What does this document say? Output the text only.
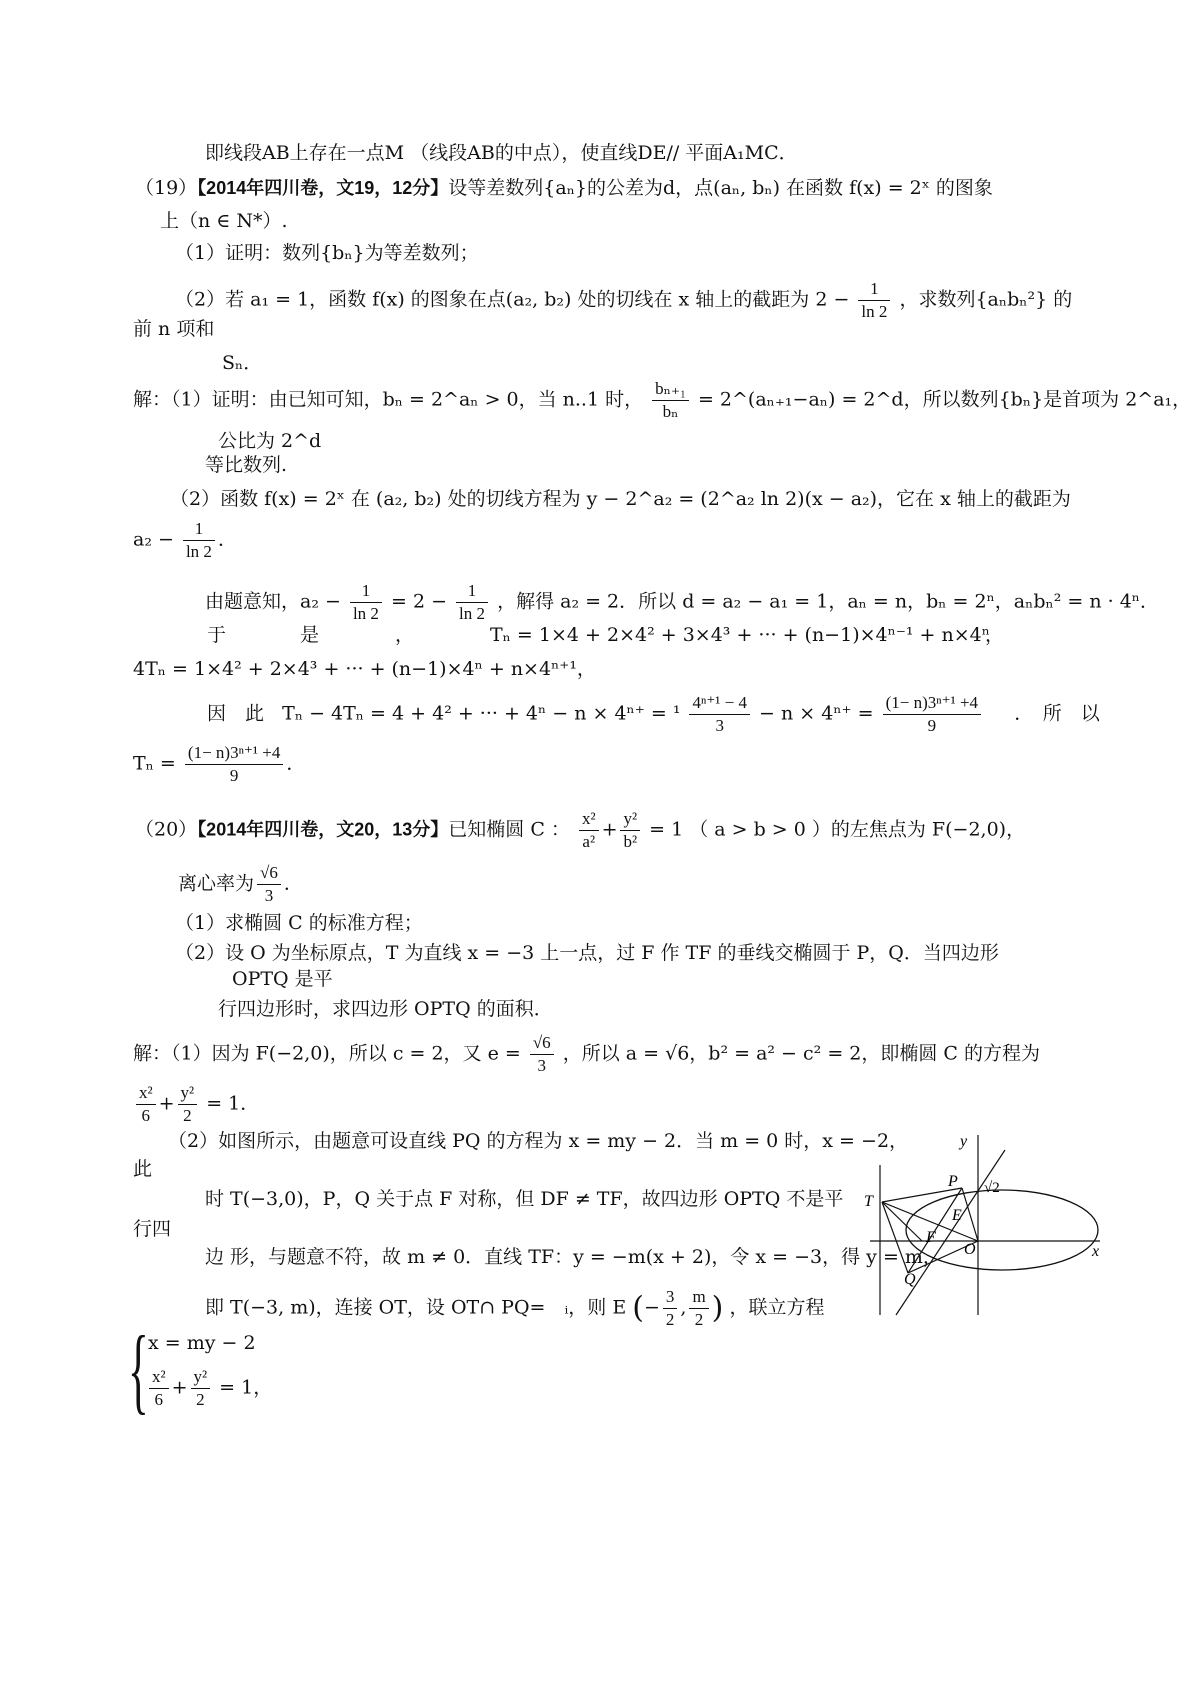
即线段AB上存在一点M （线段AB的中点），使直线DE// 平面A₁MC．
（19）【2014年四川卷，文19，12分】设等差数列{aₙ}的公差为d，点(aₙ, bₙ) 在函数 f(x) = 2ˣ 的图象
上（n ∈ N*）.
（1）证明：数列{bₙ}为等差数列；
（2）若 a₁ = 1，函数 f(x) 的图象在点(a₂, b₂) 处的切线在 x 轴上的截距为 $2 - \frac{1}{\ln 2}$ ，求数列{aₙbₙ²} 的
前 n 项和
Sₙ．
解：（1）证明：由已知可知，bₙ = 2^aₙ > 0，当 n..1 时， $\frac{\text{bₙ₊₁}}{\text{bₙ}}$ = 2^(aₙ₊₁−aₙ) = 2^d，所以数列{bₙ}是首项为 2^a₁，
公比为 2^d
等比数列.
（2）函数 f(x) = 2ˣ 在 (a₂, b₂) 处的切线方程为 y − 2^a₂ = (2^a₂ ln 2)(x − a₂)，它在 x 轴上的截距为
$a_2 - \frac{1}{\ln 2}$ ．
由题意知，$a_2 - \frac{1}{\ln 2} = 2 - \frac{1}{\ln 2}$ ，解得 a₂ = 2．所以 d = a₂ − a₁ = 1，aₙ = n，bₙ = 2ⁿ，aₙbₙ² = n · 4ⁿ．
于	是	，	Tₙ = 1×4 + 2×4² + 3×4³ + ··· + (n−1)×4ⁿ⁻¹ + n×4ⁿ
，
4Tₙ = 1×4² + 2×4³ + ··· + (n−1)×4ⁿ + n×4ⁿ⁺¹，
因　此 Tₙ − 4Tₙ = 4 + 4² + ··· + $4^n - n \times 4^{n+} = ^1 \frac{\text{4ⁿ⁺¹ − 4}}{3} - n \times 4^{n+} = \frac{\text{(1− n)3ⁿ⁺¹ +4}}{9}$ ．　所　以
$T_n = \frac{\text{(1− n)3ⁿ⁺¹ +4}}{9}$ ．
（20）【2014年四川卷，文20，13分】已知椭圆 C ： $\frac{\text{x²}}{\text{a²}} + \frac{\text{y²}}{\text{b²}} = 1$ （ a > b > 0 ）的左焦点为 F(−2,0)，
离心率为 $\frac{√6}{3}$ ．
（1）求椭圆 C 的标准方程；
（2）设 O 为坐标原点，T 为直线 x = −3 上一点，过 F 作 TF 的垂线交椭圆于 P，Q．当四边形
OPTQ 是平
行四边形时，求四边形 OPTQ 的面积．
解：（1）因为 F(−2,0)，所以 c = 2，又 $e = \frac{√6}{3}$ ，所以 a = √6，b² = a² − c² = 2，即椭圆 C 的方程为
$\frac{\text{x²}}{6} + \frac{\text{y²}}{2} = 1$．
（2）如图所示，由题意可设直线 PQ 的方程为 x = my − 2．当 m = 0 时，x = −2，
此
时 T(−3,0)，P，Q 关于点 F 对称，但 DF ≠ TF，故四边形 OPTQ 不是平
行四
边 形，与题意不符，故 m ≠ 0．直线 TF：y = −m(x + 2)，令 x = −3，得 y = m，
即 T(−3, m)，连接 OT，设 OT∩ PQ=　ᵢ，则 E (− $\frac{3}{2}$ , $\frac{m}{2}$ ) ，联立方程
{ x = my − 2
$\frac{\text{x²}}{6} + \frac{\text{y²}}{2} = 1$，
y
x
T
P √2
E
F
O
Q
